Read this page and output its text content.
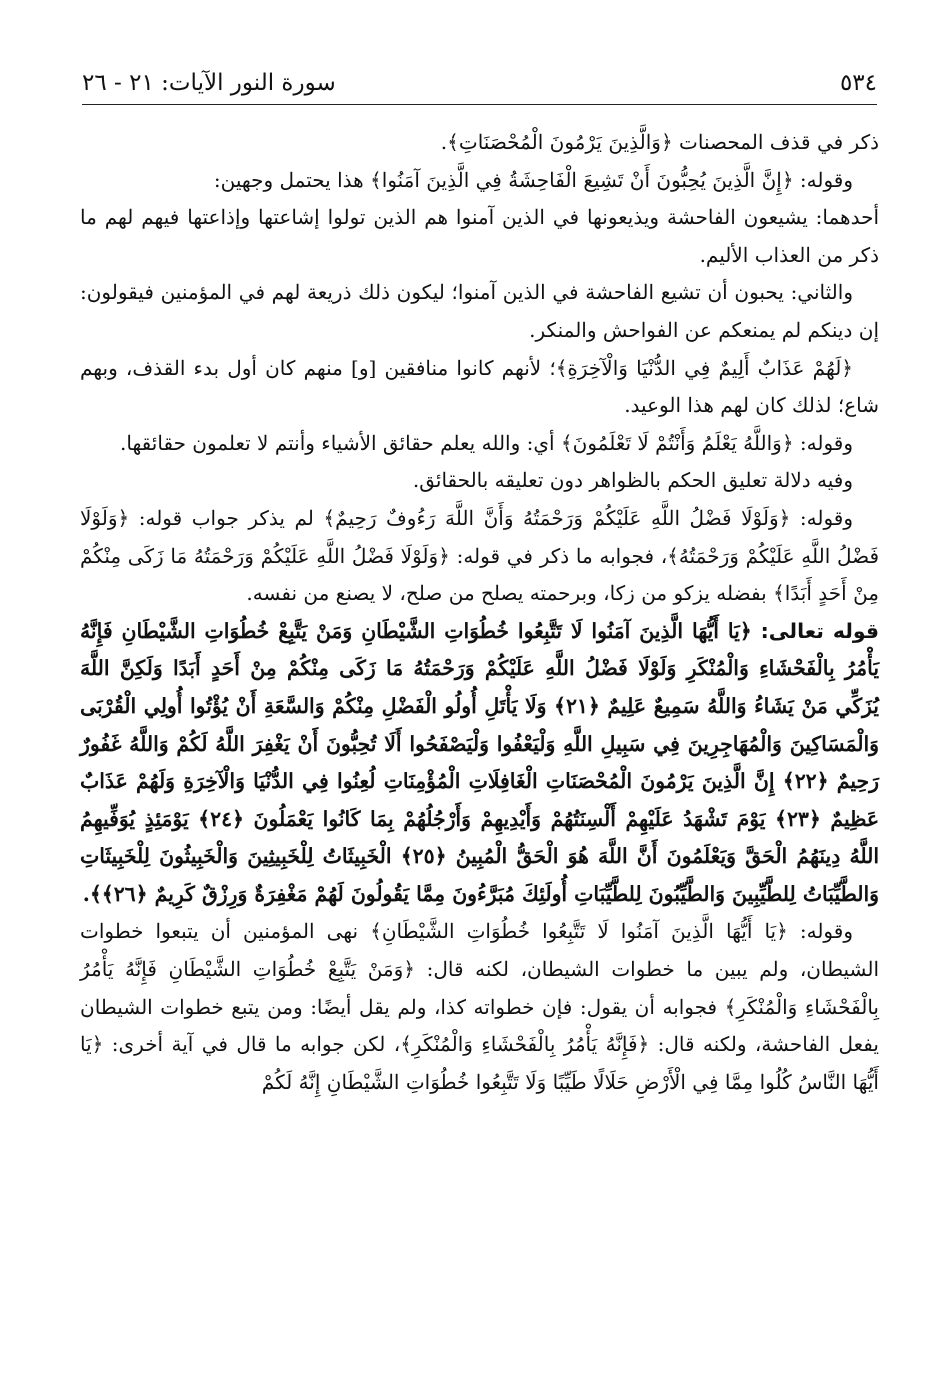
سورة النور الآيات: ٢١ - ٢٦	٥٣٤

ذكر في قذف المحصنات ﴿وَالَّذِينَ يَرْمُونَ الْمُحْصَنَاتِ﴾.

وقوله: ﴿إِنَّ الَّذِينَ يُحِبُّونَ أَنْ تَشِيعَ الْفَاحِشَةُ فِي الَّذِينَ آمَنُوا﴾ هذا يحتمل وجهين:

أحدهما: يشيعون الفاحشة ويذيعونها في الذين آمنوا هم الذين تولوا إشاعتها وإذاعتها فيهم لهم ما ذكر من العذاب الأليم.

والثاني: يحبون أن تشيع الفاحشة في الذين آمنوا؛ ليكون ذلك ذريعة لهم في المؤمنين فيقولون: إن دينكم لم يمنعكم عن الفواحش والمنكر.

﴿لَهُمْ عَذَابٌ أَلِيمٌ فِي الدُّنْيَا وَالْآخِرَةِ﴾؛ لأنهم كانوا منافقين [و] منهم كان أول بدء القذف، وبهم شاع؛ لذلك كان لهم هذا الوعيد.

وقوله: ﴿وَاللَّهُ يَعْلَمُ وَأَنْتُمْ لَا تَعْلَمُونَ﴾ أي: والله يعلم حقائق الأشياء وأنتم لا تعلمون حقائقها.

وفيه دلالة تعليق الحكم بالظواهر دون تعليقه بالحقائق.

وقوله: ﴿وَلَوْلَا فَضْلُ اللَّهِ عَلَيْكُمْ وَرَحْمَتُهُ وَأَنَّ اللَّهَ رَءُوفٌ رَحِيمٌ﴾ لم يذكر جواب قوله: ﴿وَلَوْلَا فَضْلُ اللَّهِ عَلَيْكُمْ وَرَحْمَتُهُ﴾، فجوابه ما ذكر في قوله: ﴿وَلَوْلَا فَضْلُ اللَّهِ عَلَيْكُمْ وَرَحْمَتُهُ مَا زَكَى مِنْكُمْ مِنْ أَحَدٍ أَبَدًا﴾ بفضله يزكو من زكا، وبرحمته يصلح من صلح، لا يصنع من نفسه.

قوله تعالى: ﴿يَا أَيُّهَا الَّذِينَ آمَنُوا لَا تَتَّبِعُوا خُطُوَاتِ الشَّيْطَانِ وَمَنْ يَتَّبِعْ خُطُوَاتِ الشَّيْطَانِ فَإِنَّهُ يَأْمُرُ بِالْفَحْشَاءِ وَالْمُنْكَرِ وَلَوْلَا فَضْلُ اللَّهِ عَلَيْكُمْ وَرَحْمَتُهُ مَا زَكَى مِنْكُمْ مِنْ أَحَدٍ أَبَدًا وَلَكِنَّ اللَّهَ يُزَكِّي مَنْ يَشَاءُ وَاللَّهُ سَمِيعٌ عَلِيمٌ ﴿٢١﴾ وَلَا يَأْتَلِ أُولُو الْفَضْلِ مِنْكُمْ وَالسَّعَةِ أَنْ يُؤْتُوا أُولِي الْقُرْبَى وَالْمَسَاكِينَ وَالْمُهَاجِرِينَ فِي سَبِيلِ اللَّهِ وَلْيَعْفُوا وَلْيَصْفَحُوا أَلَا تُحِبُّونَ أَنْ يَغْفِرَ اللَّهُ لَكُمْ وَاللَّهُ غَفُورٌ رَحِيمٌ ﴿٢٢﴾ إِنَّ الَّذِينَ يَرْمُونَ الْمُحْصَنَاتِ الْغَافِلَاتِ الْمُؤْمِنَاتِ لُعِنُوا فِي الدُّنْيَا وَالْآخِرَةِ وَلَهُمْ عَذَابٌ عَظِيمٌ ﴿٢٣﴾ يَوْمَ تَشْهَدُ عَلَيْهِمْ أَلْسِنَتُهُمْ وَأَيْدِيهِمْ وَأَرْجُلُهُمْ بِمَا كَانُوا يَعْمَلُونَ ﴿٢٤﴾ يَوْمَئِذٍ يُوَفِّيهِمُ اللَّهُ دِينَهُمُ الْحَقَّ وَيَعْلَمُونَ أَنَّ اللَّهَ هُوَ الْحَقُّ الْمُبِينُ ﴿٢٥﴾ الْخَبِيثَاتُ لِلْخَبِيثِينَ وَالْخَبِيثُونَ لِلْخَبِيثَاتِ وَالطَّيِّبَاتُ لِلطَّيِّبِينَ وَالطَّيِّبُونَ لِلطَّيِّبَاتِ أُولَئِكَ مُبَرَّءُونَ مِمَّا يَقُولُونَ لَهُمْ مَغْفِرَةٌ وَرِزْقٌ كَرِيمٌ ﴿٢٦﴾﴾.

وقوله: ﴿يَا أَيُّهَا الَّذِينَ آمَنُوا لَا تَتَّبِعُوا خُطُوَاتِ الشَّيْطَانِ﴾ نهى المؤمنين أن يتبعوا خطوات الشيطان، ولم يبين ما خطوات الشيطان، لكنه قال: ﴿وَمَنْ يَتَّبِعْ خُطُوَاتِ الشَّيْطَانِ فَإِنَّهُ يَأْمُرُ بِالْفَحْشَاءِ وَالْمُنْكَرِ﴾ فجوابه أن يقول: فإن خطواته كذا، ولم يقل أيضًا: ومن يتبع خطوات الشيطان يفعل الفاحشة، ولكنه قال: ﴿فَإِنَّهُ يَأْمُرُ بِالْفَحْشَاءِ وَالْمُنْكَرِ﴾، لكن جوابه ما قال في آية أخرى: ﴿يَا أَيُّهَا النَّاسُ كُلُوا مِمَّا فِي الْأَرْضِ حَلَالًا طَيِّبًا وَلَا تَتَّبِعُوا خُطُوَاتِ الشَّيْطَانِ إِنَّهُ لَكُمْ
